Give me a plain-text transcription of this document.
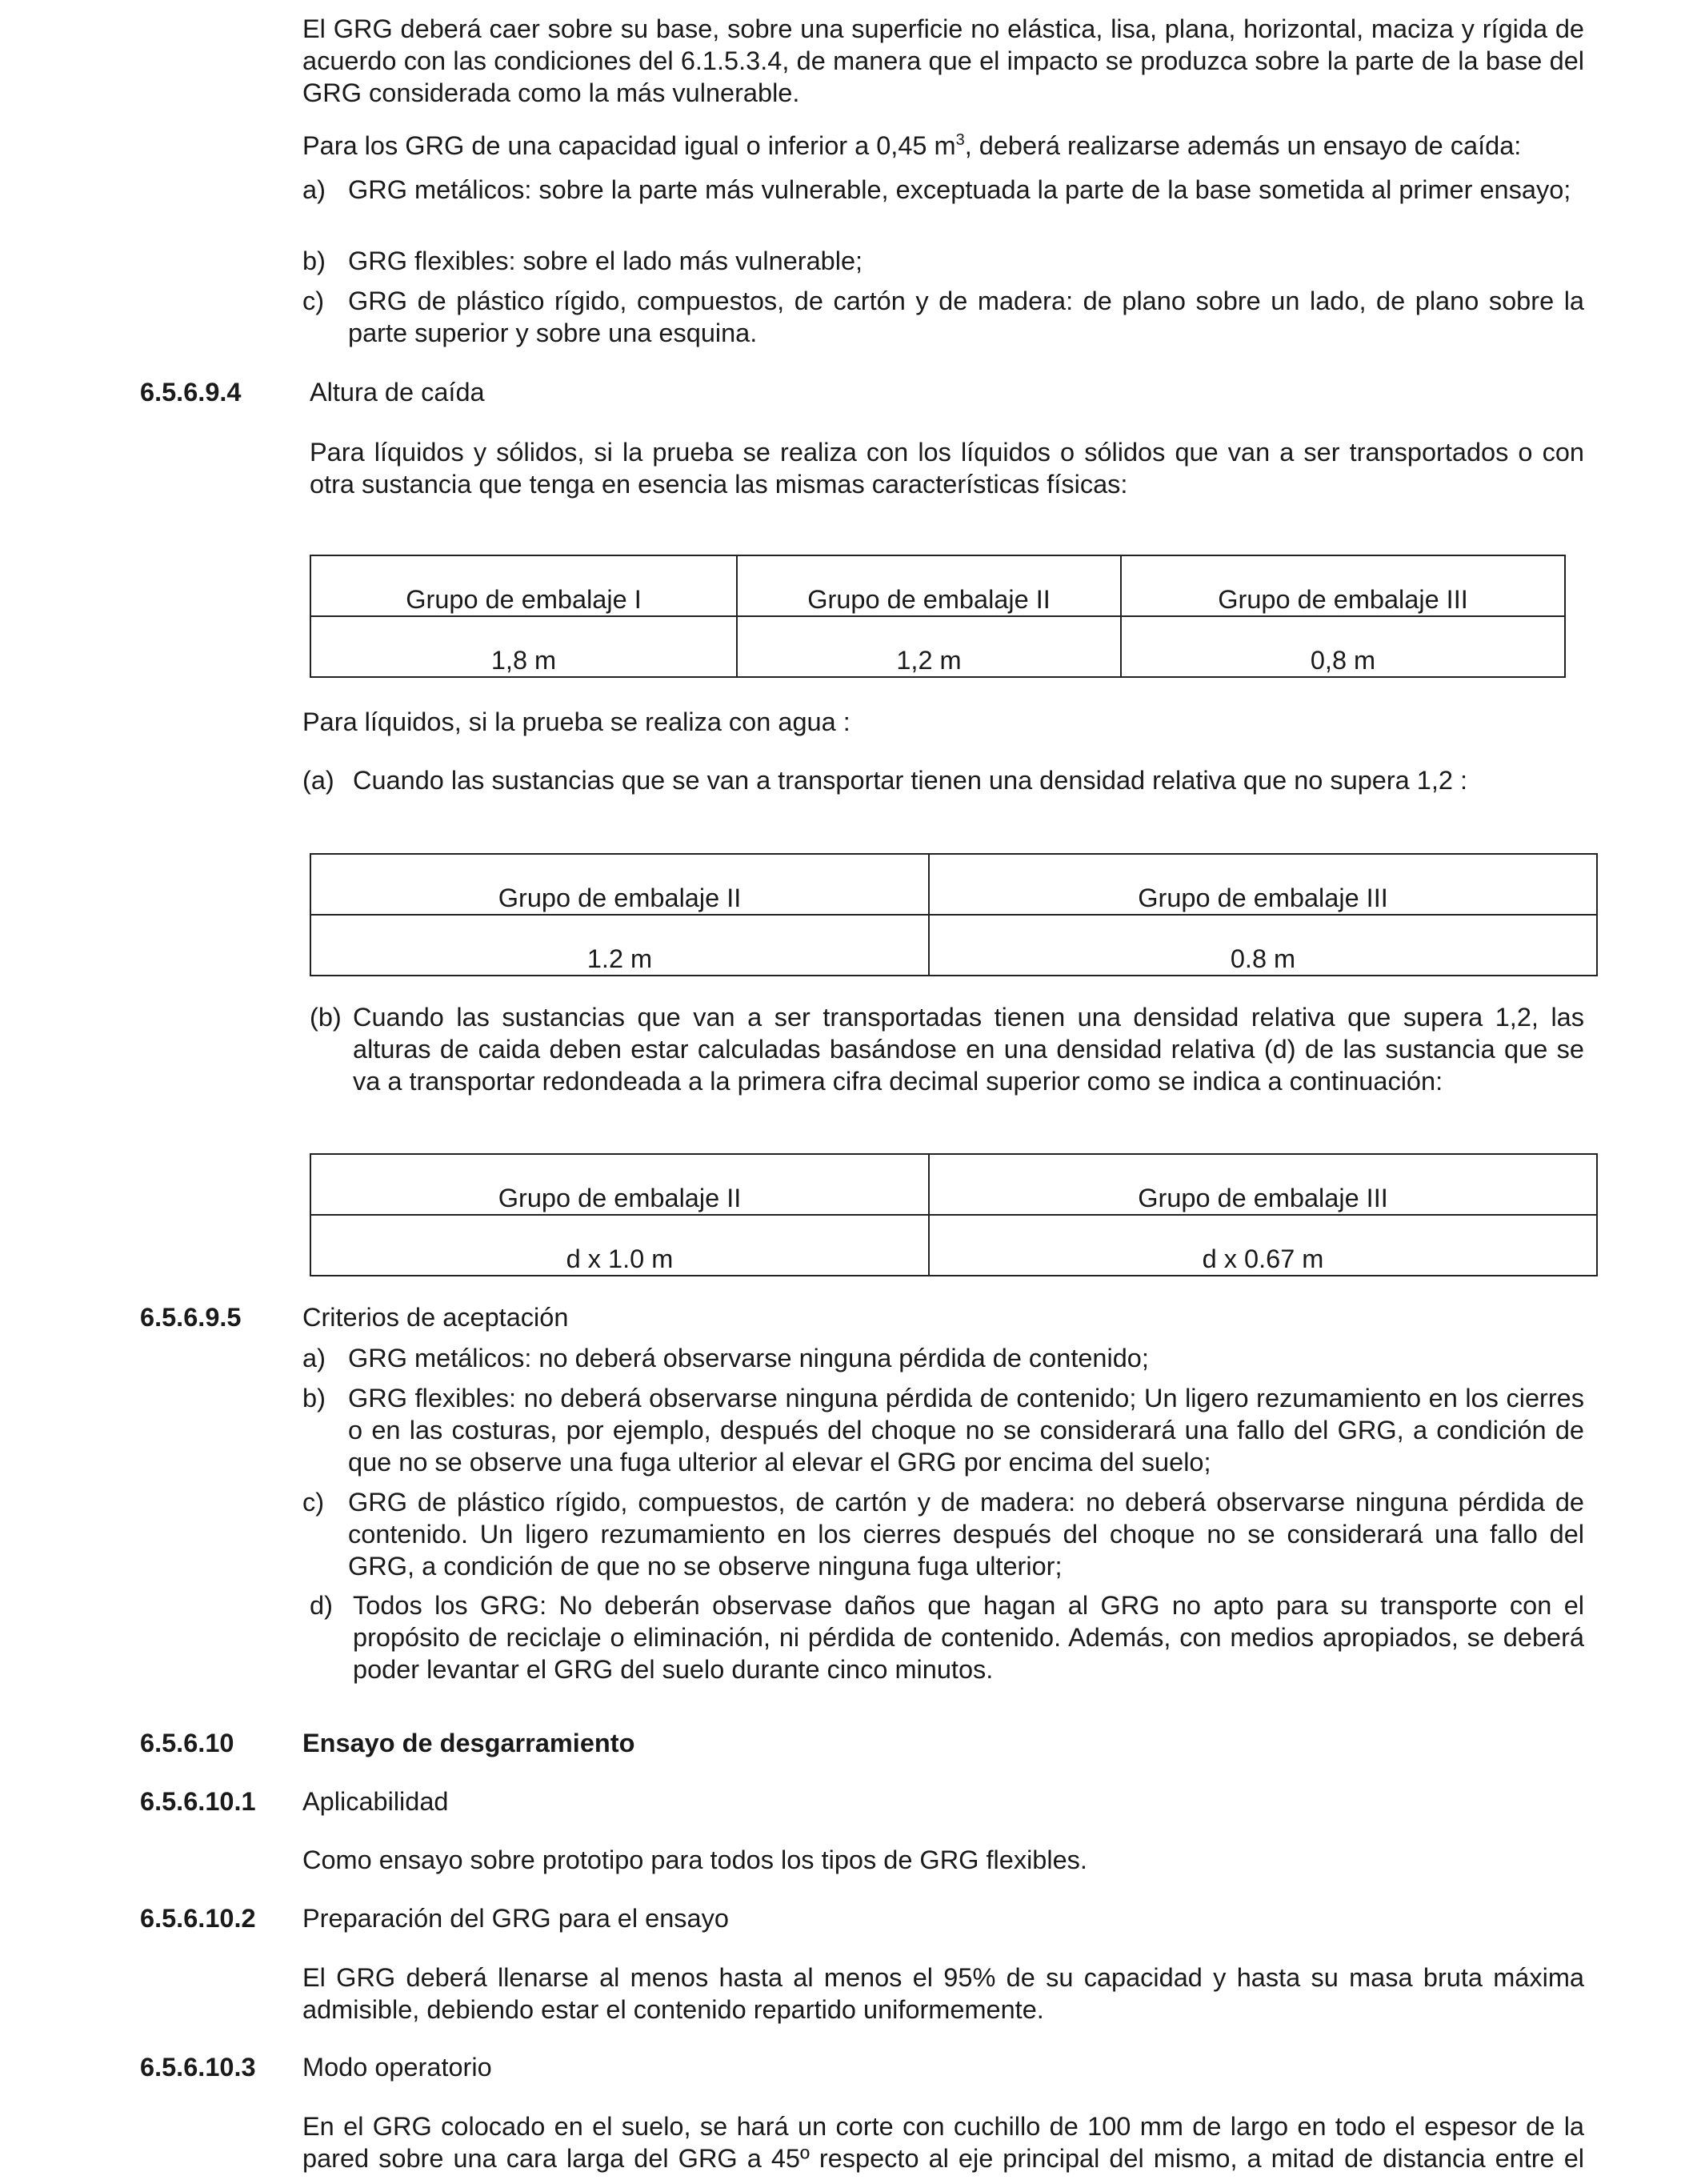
El GRG deberá caer sobre su base, sobre una superficie no elástica, lisa, plana, horizontal, maciza y rígida de acuerdo con las condiciones del 6.1.5.3.4, de manera que el impacto se produzca sobre la parte de la base del GRG considerada como la más vulnerable.

Para los GRG de una capacidad igual o inferior a 0,45 $m^3$, deberá realizarse además un ensayo de caída:

a) GRG metálicos: sobre la parte más vulnerable, exceptuada la parte de la base sometida al primer ensayo;
b) GRG flexibles: sobre el lado más vulnerable;
c) GRG de plástico rígido, compuestos, de cartón y de madera: de plano sobre un lado, de plano sobre la parte superior y sobre una esquina.
6.5.6.9.4	Altura de caída

Para líquidos y sólidos, si la prueba se realiza con los líquidos o sólidos que van a ser transportados o con otra sustancia que tenga en esencia las mismas características físicas:

Grupo de embalaje I	Grupo de embalaje II	Grupo de embalaje III
1,8 m	1,2 m	0,8 m

Para líquidos, si la prueba se realiza con agua :

(a) Cuando las sustancias que se van a transportar tienen una densidad relativa que no supera 1,2 :
Grupo de embalaje II	Grupo de embalaje III
1.2 m	0.8 m
(b) Cuando las sustancias que van a ser transportadas tienen una densidad relativa que supera 1,2, las alturas de caida deben estar calculadas basándose en una densidad relativa (d) de las sustancia que se va a transportar redondeada a la primera cifra decimal superior como se indica a continuación:
Grupo de embalaje II	Grupo de embalaje III
d x 1.0 m	d x 0.67 m
6.5.6.9.5 Criterios de aceptación
a) GRG metálicos: no deberá observarse ninguna pérdida de contenido;
b) GRG flexibles: no deberá observarse ninguna pérdida de contenido; Un ligero rezumamiento en los cierres o en las costuras, por ejemplo, después del choque no se considerará una fallo del GRG, a condición de que no se observe una fuga ulterior al elevar el GRG por encima del suelo;
c) GRG de plástico rígido, compuestos, de cartón y de madera: no deberá observarse ninguna pérdida de contenido. Un ligero rezumamiento en los cierres después del choque no se considerará una fallo del GRG, a condición de que no se observe ninguna fuga ulterior;
d) Todos los GRG: No deberán observase daños que hagan al GRG no apto para su transporte con el propósito de reciclaje o eliminación, ni pérdida de contenido. Además, con medios apropiados, se deberá poder levantar el GRG del suelo durante cinco minutos.
6.5.6.10	Ensayo de desgarramiento
6.5.6.10.1 Aplicabilidad

Como ensayo sobre prototipo para todos los tipos de GRG flexibles.

6.5.6.10.2 Preparación del GRG para el ensayo

El GRG deberá llenarse al menos hasta al menos el 95% de su capacidad y hasta su masa bruta máxima admisible, debiendo estar el contenido repartido uniformemente.

6.5.6.10.3 Modo operatorio

En el GRG colocado en el suelo, se hará un corte con cuchillo de 100 mm de largo en todo el espesor de la pared sobre una cara larga del GRG a 45º respecto al eje principal del mismo, a mitad de distancia entre el
